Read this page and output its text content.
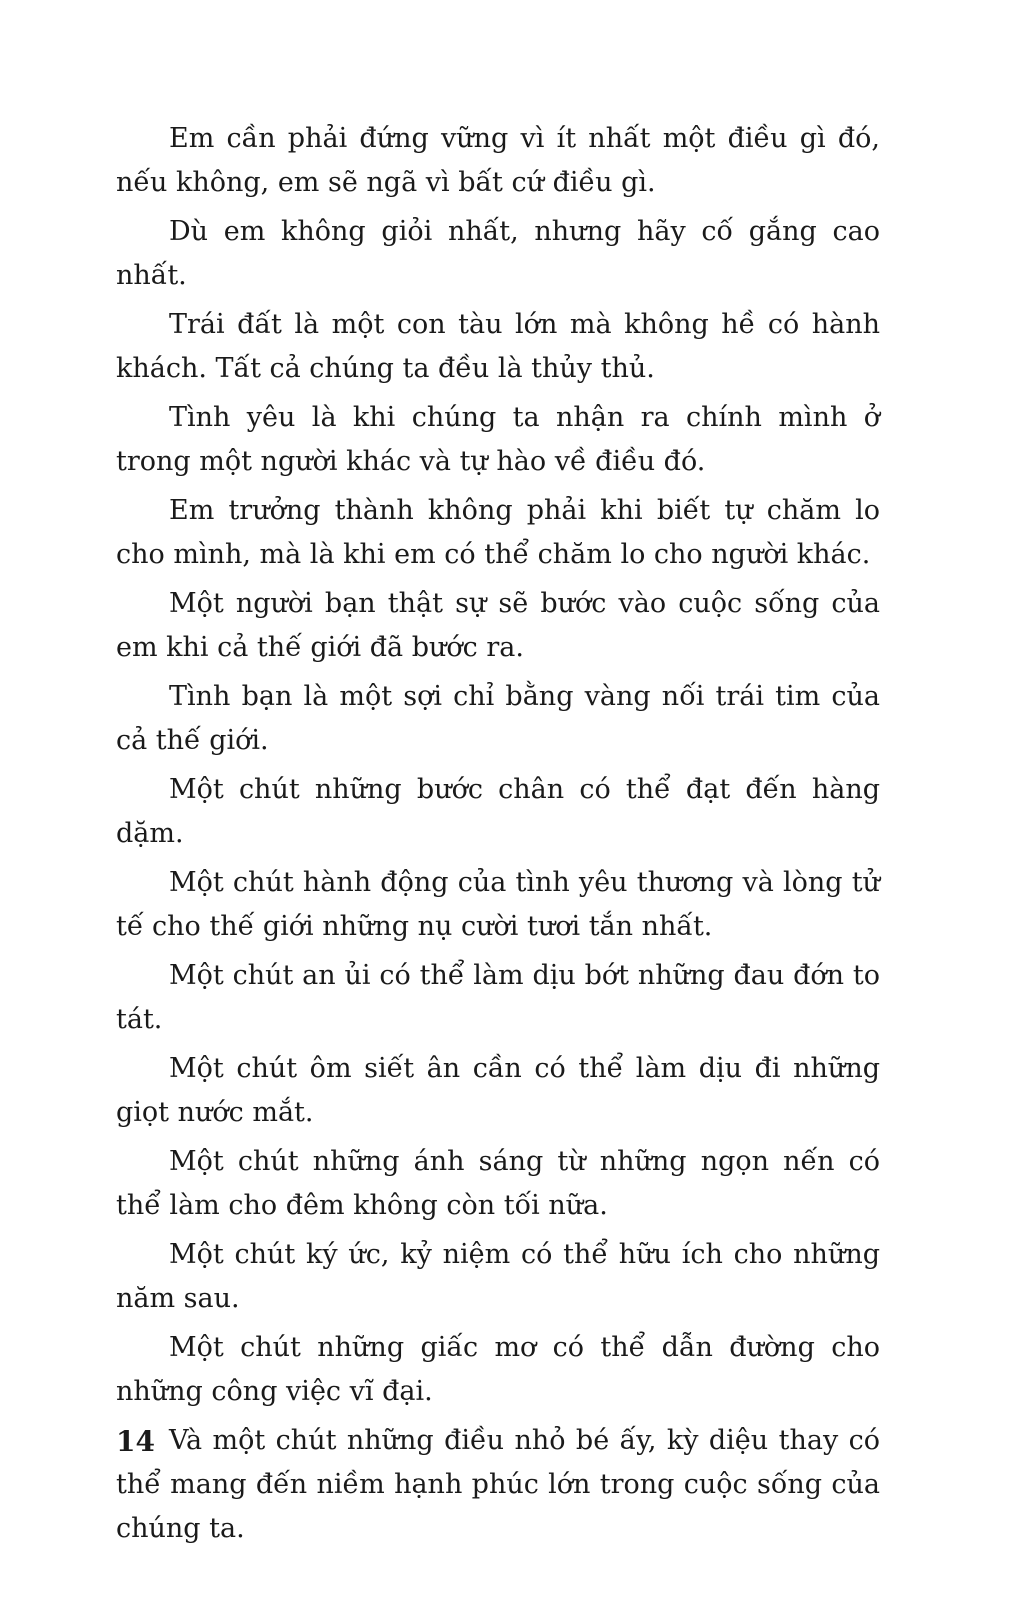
Em cần phải đứng vững vì ít nhất một điều gì đó, nếu không, em sẽ ngã vì bất cứ điều gì.

Dù em không giỏi nhất, nhưng hãy cố gắng cao nhất.

Trái đất là một con tàu lớn mà không hề có hành khách. Tất cả chúng ta đều là thủy thủ.

Tình yêu là khi chúng ta nhận ra chính mình ở trong một người khác và tự hào về điều đó.

Em trưởng thành không phải khi biết tự chăm lo cho mình, mà là khi em có thể chăm lo cho người khác.

Một người bạn thật sự sẽ bước vào cuộc sống của em khi cả thế giới đã bước ra.

Tình bạn là một sợi chỉ bằng vàng nối trái tim của cả thế giới.

Một chút những bước chân có thể đạt đến hàng dặm.

Một chút hành động của tình yêu thương và lòng tử tế cho thế giới những nụ cười tươi tắn nhất.

Một chút an ủi có thể làm dịu bớt những đau đớn to tát.

Một chút ôm siết ân cần có thể làm dịu đi những giọt nước mắt.

Một chút những ánh sáng từ những ngọn nến có thể làm cho đêm không còn tối nữa.

Một chút ký ức, kỷ niệm có thể hữu ích cho những năm sau.

Một chút những giấc mơ có thể dẫn đường cho những công việc vĩ đại.

Và một chút những điều nhỏ bé ấy, kỳ diệu thay có thể mang đến niềm hạnh phúc lớn trong cuộc sống của chúng ta.

14
